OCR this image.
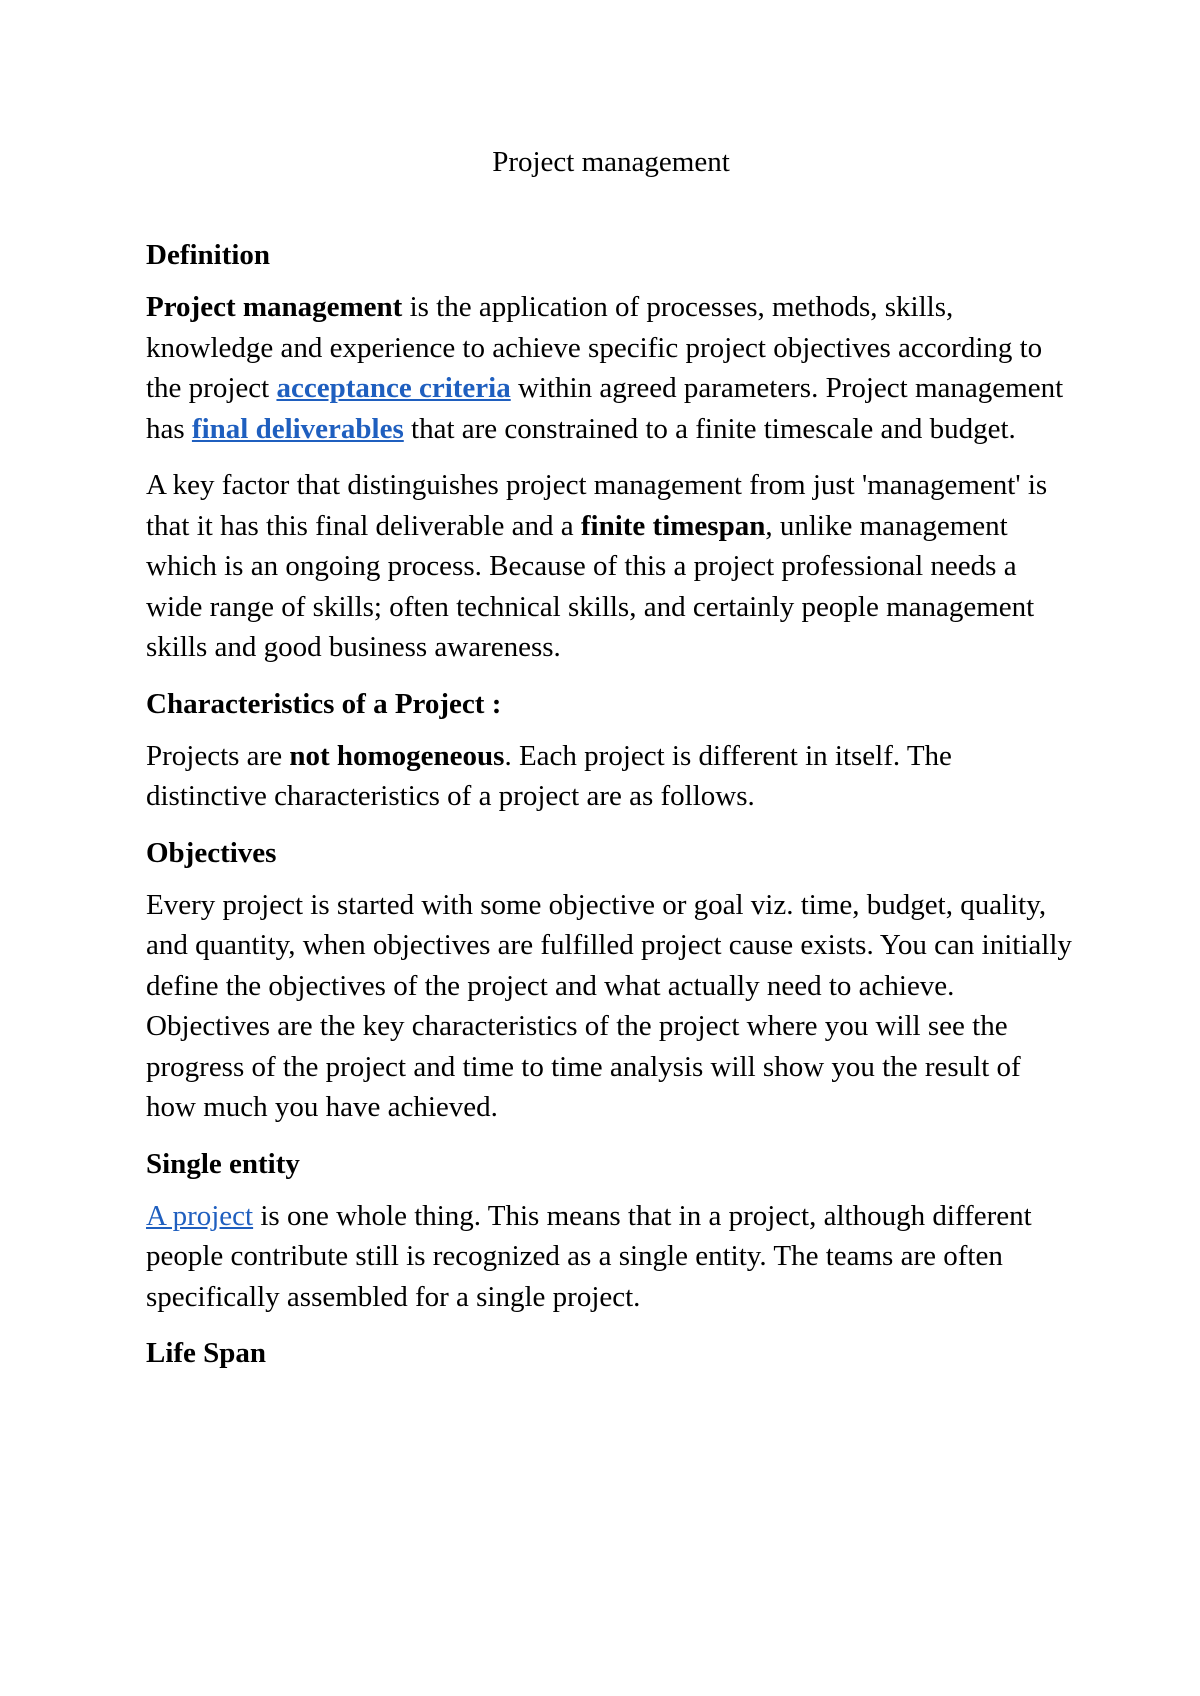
Project management
Definition

Project management is the application of processes, methods, skills, knowledge and experience to achieve specific project objectives according to the project acceptance criteria within agreed parameters. Project management has final deliverables that are constrained to a finite timescale and budget.

A key factor that distinguishes project management from just 'management' is that it has this final deliverable and a finite timespan, unlike management which is an ongoing process. Because of this a project professional needs a wide range of skills; often technical skills, and certainly people management skills and good business awareness.

Characteristics of a Project :

Projects are not homogeneous. Each project is different in itself. The distinctive characteristics of a project are as follows.

Objectives

Every project is started with some objective or goal viz. time, budget, quality, and quantity, when objectives are fulfilled project cause exists. You can initially define the objectives of the project and what actually need to achieve. Objectives are the key characteristics of the project where you will see the progress of the project and time to time analysis will show you the result of how much you have achieved.

Single entity

A project is one whole thing. This means that in a project, although different people contribute still is recognized as a single entity. The teams are often specifically assembled for a single project.

Life Span
